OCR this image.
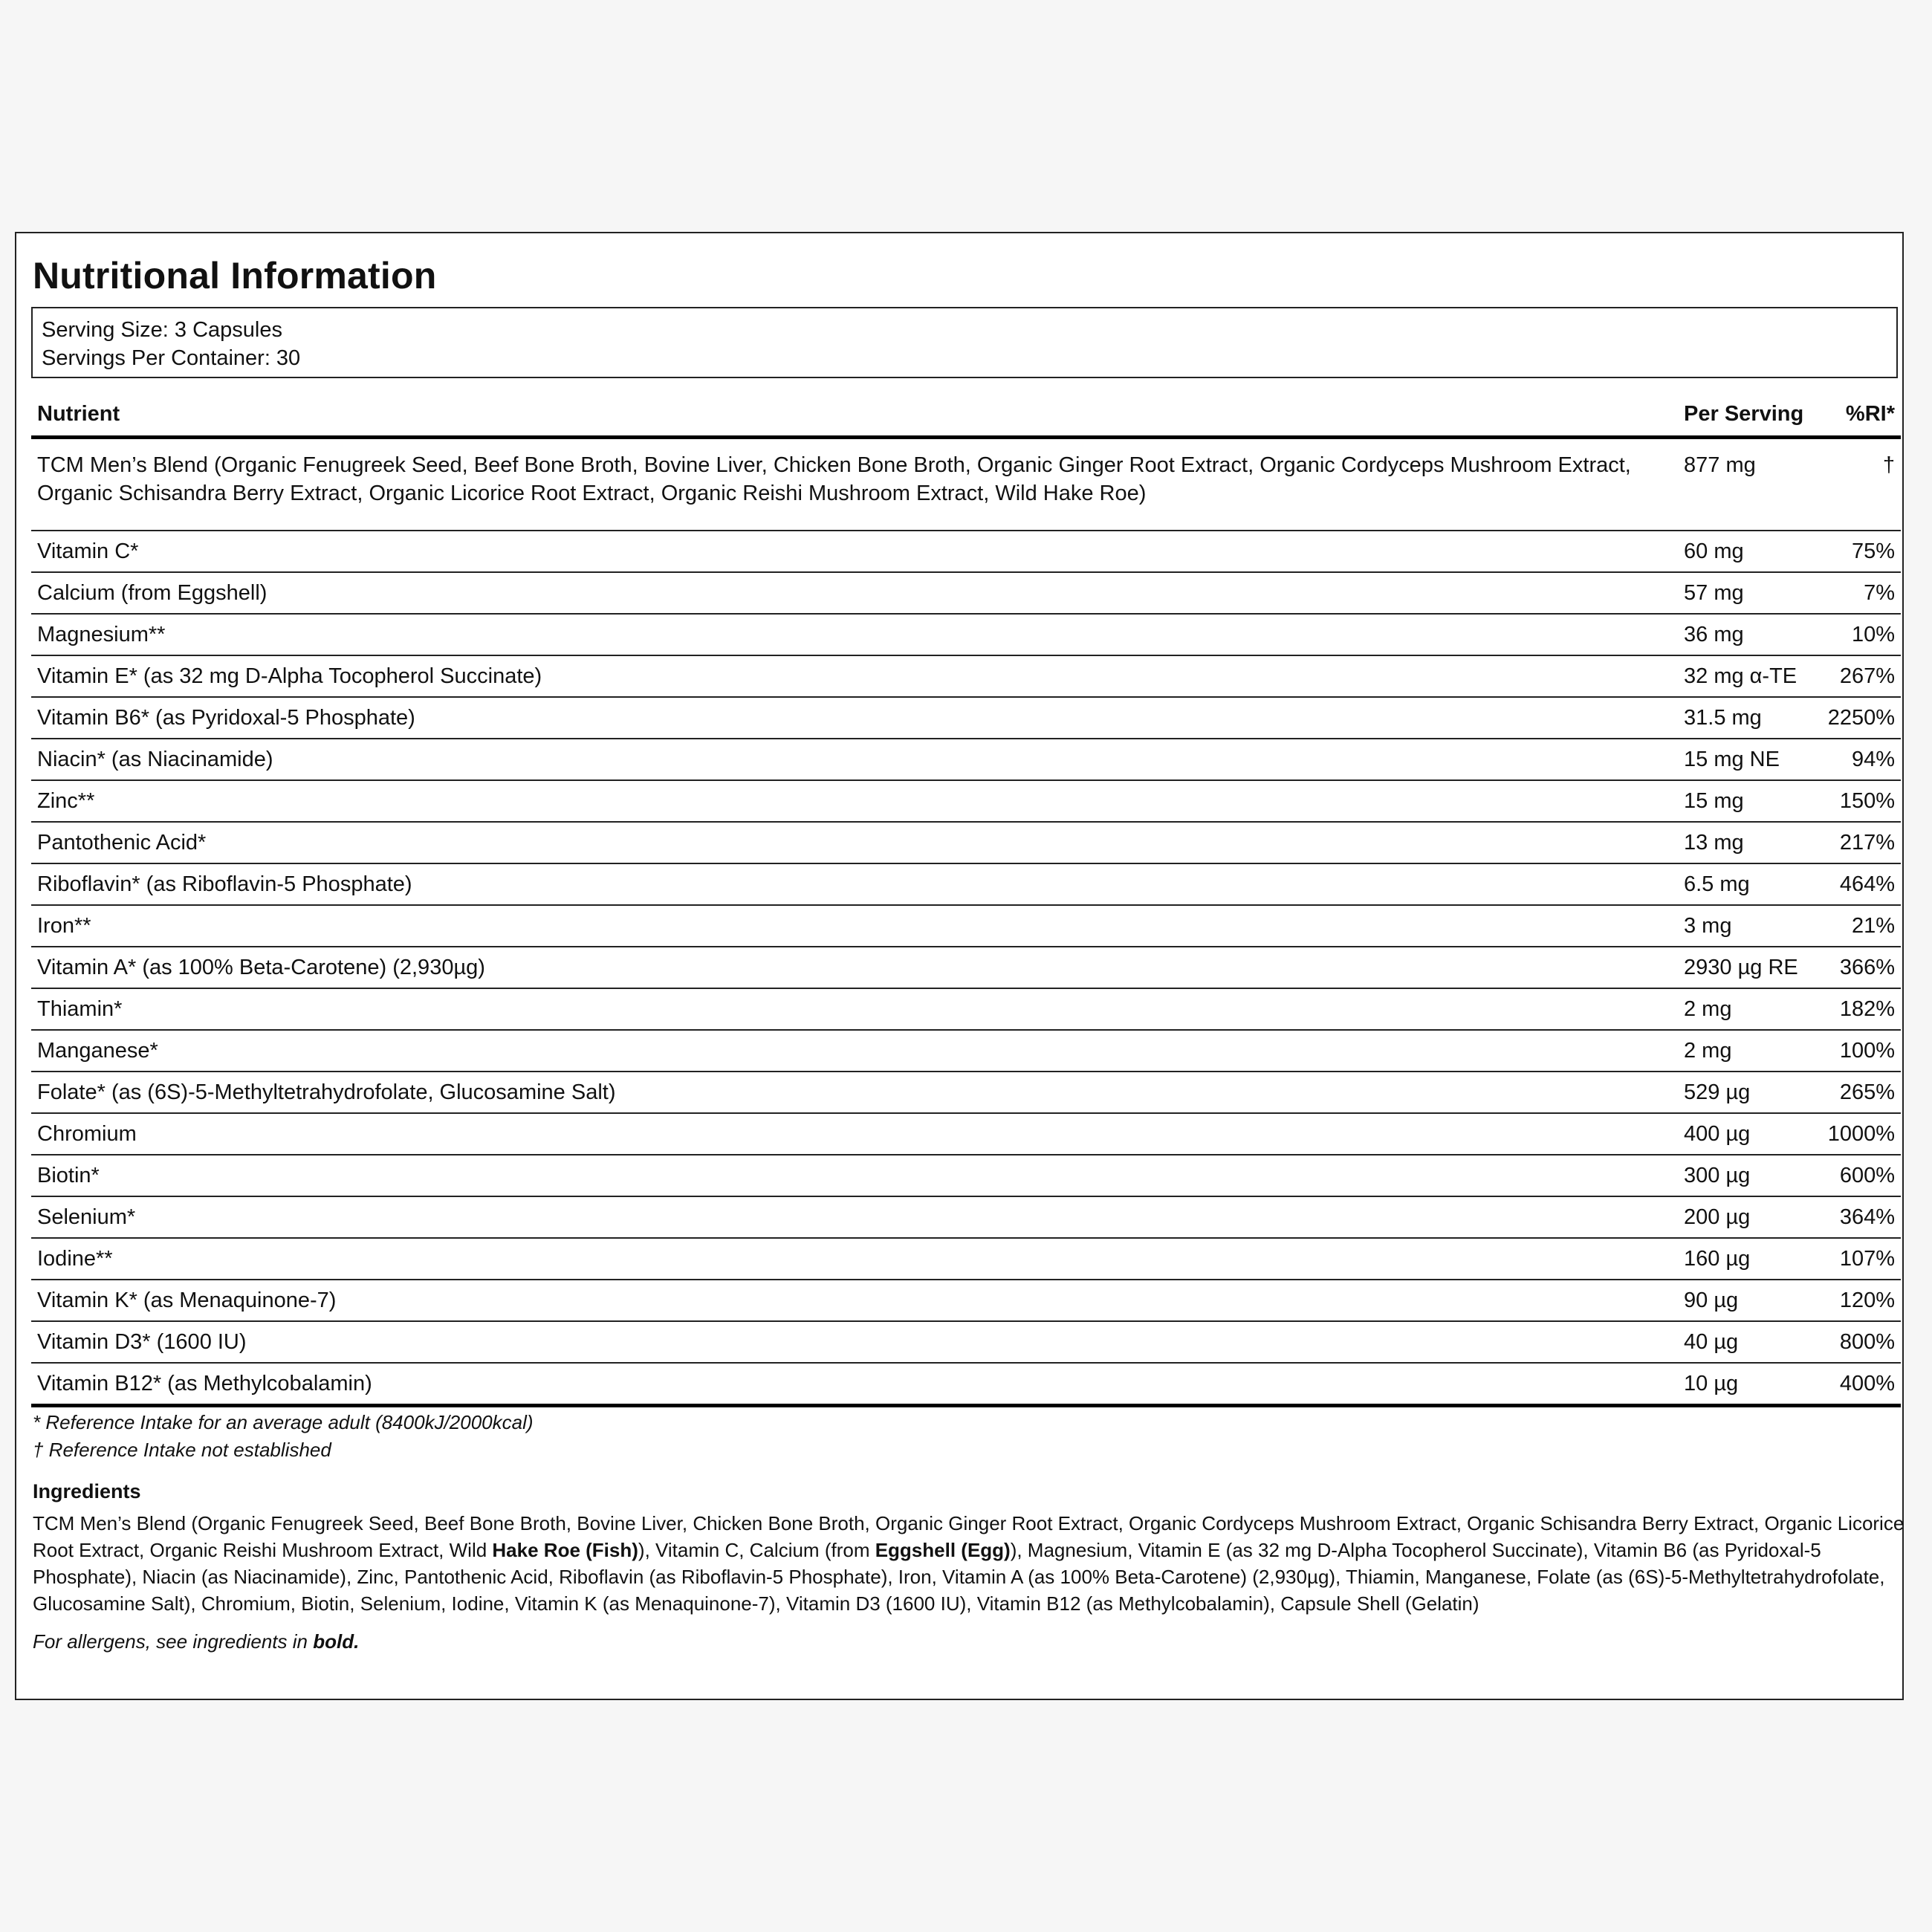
Nutritional Information
Serving Size: 3 Capsules
Servings Per Container: 30
Nutrient	Per Serving	%RI*
TCM Men’s Blend (Organic Fenugreek Seed, Beef Bone Broth, Bovine Liver, Chicken Bone Broth, Organic Ginger Root Extract, Organic Cordyceps Mushroom Extract, Organic Schisandra Berry Extract, Organic Licorice Root Extract, Organic Reishi Mushroom Extract, Wild Hake Roe)	877 mg	†
Vitamin C*	60 mg	75%
Calcium (from Eggshell)	57 mg	7%
Magnesium**	36 mg	10%
Vitamin E* (as 32 mg D-Alpha Tocopherol Succinate)	32 mg α-TE	267%
Vitamin B6* (as Pyridoxal-5 Phosphate)	31.5 mg	2250%
Niacin* (as Niacinamide)	15 mg NE	94%
Zinc**	15 mg	150%
Pantothenic Acid*	13 mg	217%
Riboflavin* (as Riboflavin-5 Phosphate)	6.5 mg	464%
Iron**	3 mg	21%
Vitamin A* (as 100% Beta-Carotene) (2,930µg)	2930 µg RE	366%
Thiamin*	2 mg	182%
Manganese*	2 mg	100%
Folate* (as (6S)-5-Methyltetrahydrofolate, Glucosamine Salt)	529 µg	265%
Chromium	400 µg	1000%
Biotin*	300 µg	600%
Selenium*	200 µg	364%
Iodine**	160 µg	107%
Vitamin K* (as Menaquinone-7)	90 µg	120%
Vitamin D3* (1600 IU)	40 µg	800%
Vitamin B12* (as Methylcobalamin)	10 µg	400%
* Reference Intake for an average adult (8400kJ/2000kcal)
† Reference Intake not established
Ingredients
TCM Men’s Blend (Organic Fenugreek Seed, Beef Bone Broth, Bovine Liver, Chicken Bone Broth, Organic Ginger Root Extract, Organic Cordyceps Mushroom Extract, Organic Schisandra Berry Extract, Organic Licorice Root Extract, Organic Reishi Mushroom Extract, Wild Hake Roe (Fish)), Vitamin C, Calcium (from Eggshell (Egg)), Magnesium, Vitamin E (as 32 mg D-Alpha Tocopherol Succinate), Vitamin B6 (as Pyridoxal-5 Phosphate), Niacin (as Niacinamide), Zinc, Pantothenic Acid, Riboflavin (as Riboflavin-5 Phosphate), Iron, Vitamin A (as 100% Beta-Carotene) (2,930µg), Thiamin, Manganese, Folate (as (6S)-5-Methyltetrahydrofolate, Glucosamine Salt), Chromium, Biotin, Selenium, Iodine, Vitamin K (as Menaquinone-7), Vitamin D3 (1600 IU), Vitamin B12 (as Methylcobalamin), Capsule Shell (Gelatin)
For allergens, see ingredients in bold.
